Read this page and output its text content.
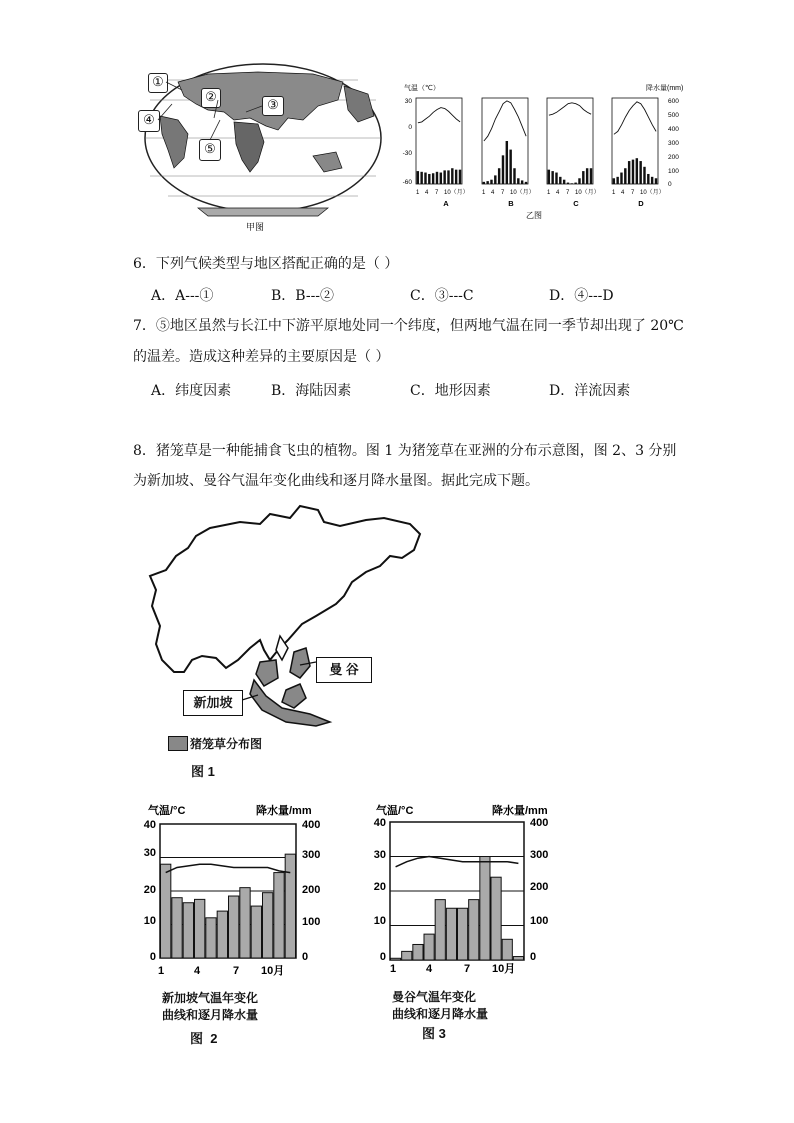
甲图
①
②
③
④
⑤
气温（℃）	降水量(mm)
30
0
-30
-60
600
500
400
300
200
100
0
1 4 7 10（月） 1 4 7 10（月） 1 4 7 10（月） 1 4 7 10（月）
A	B	C	D
乙图
6．下列气候类型与地区搭配正确的是（ ）
A．A---①	B．B---②	C．③---C	D．④---D
7．⑤地区虽然与长江中下游平原地处同一个纬度，但两地气温在同一季节却出现了 20℃
的温差。造成这种差异的主要原因是（ ）
A．纬度因素	B．海陆因素	C．地形因素	D．洋流因素
8．猪笼草是一种能捕食飞虫的植物。图 1 为猪笼草在亚洲的分布示意图，图 2、3 分别
为新加坡、曼谷气温年变化曲线和逐月降水量图。据此完成下题。
曼 谷
新加坡
猪笼草分布图
图 1
气温/°C	降水量/mm
40
30
20
10
0
400
300
200
100
0
1	4	7 10月
新加坡气温年变化
曲线和逐月降水量
图  2
气温/°C	降水量/mm
40
30
20
10
0
400
300
200
100
0
1	4	7 10月
曼谷气温年变化
曲线和逐月降水量
图 3
